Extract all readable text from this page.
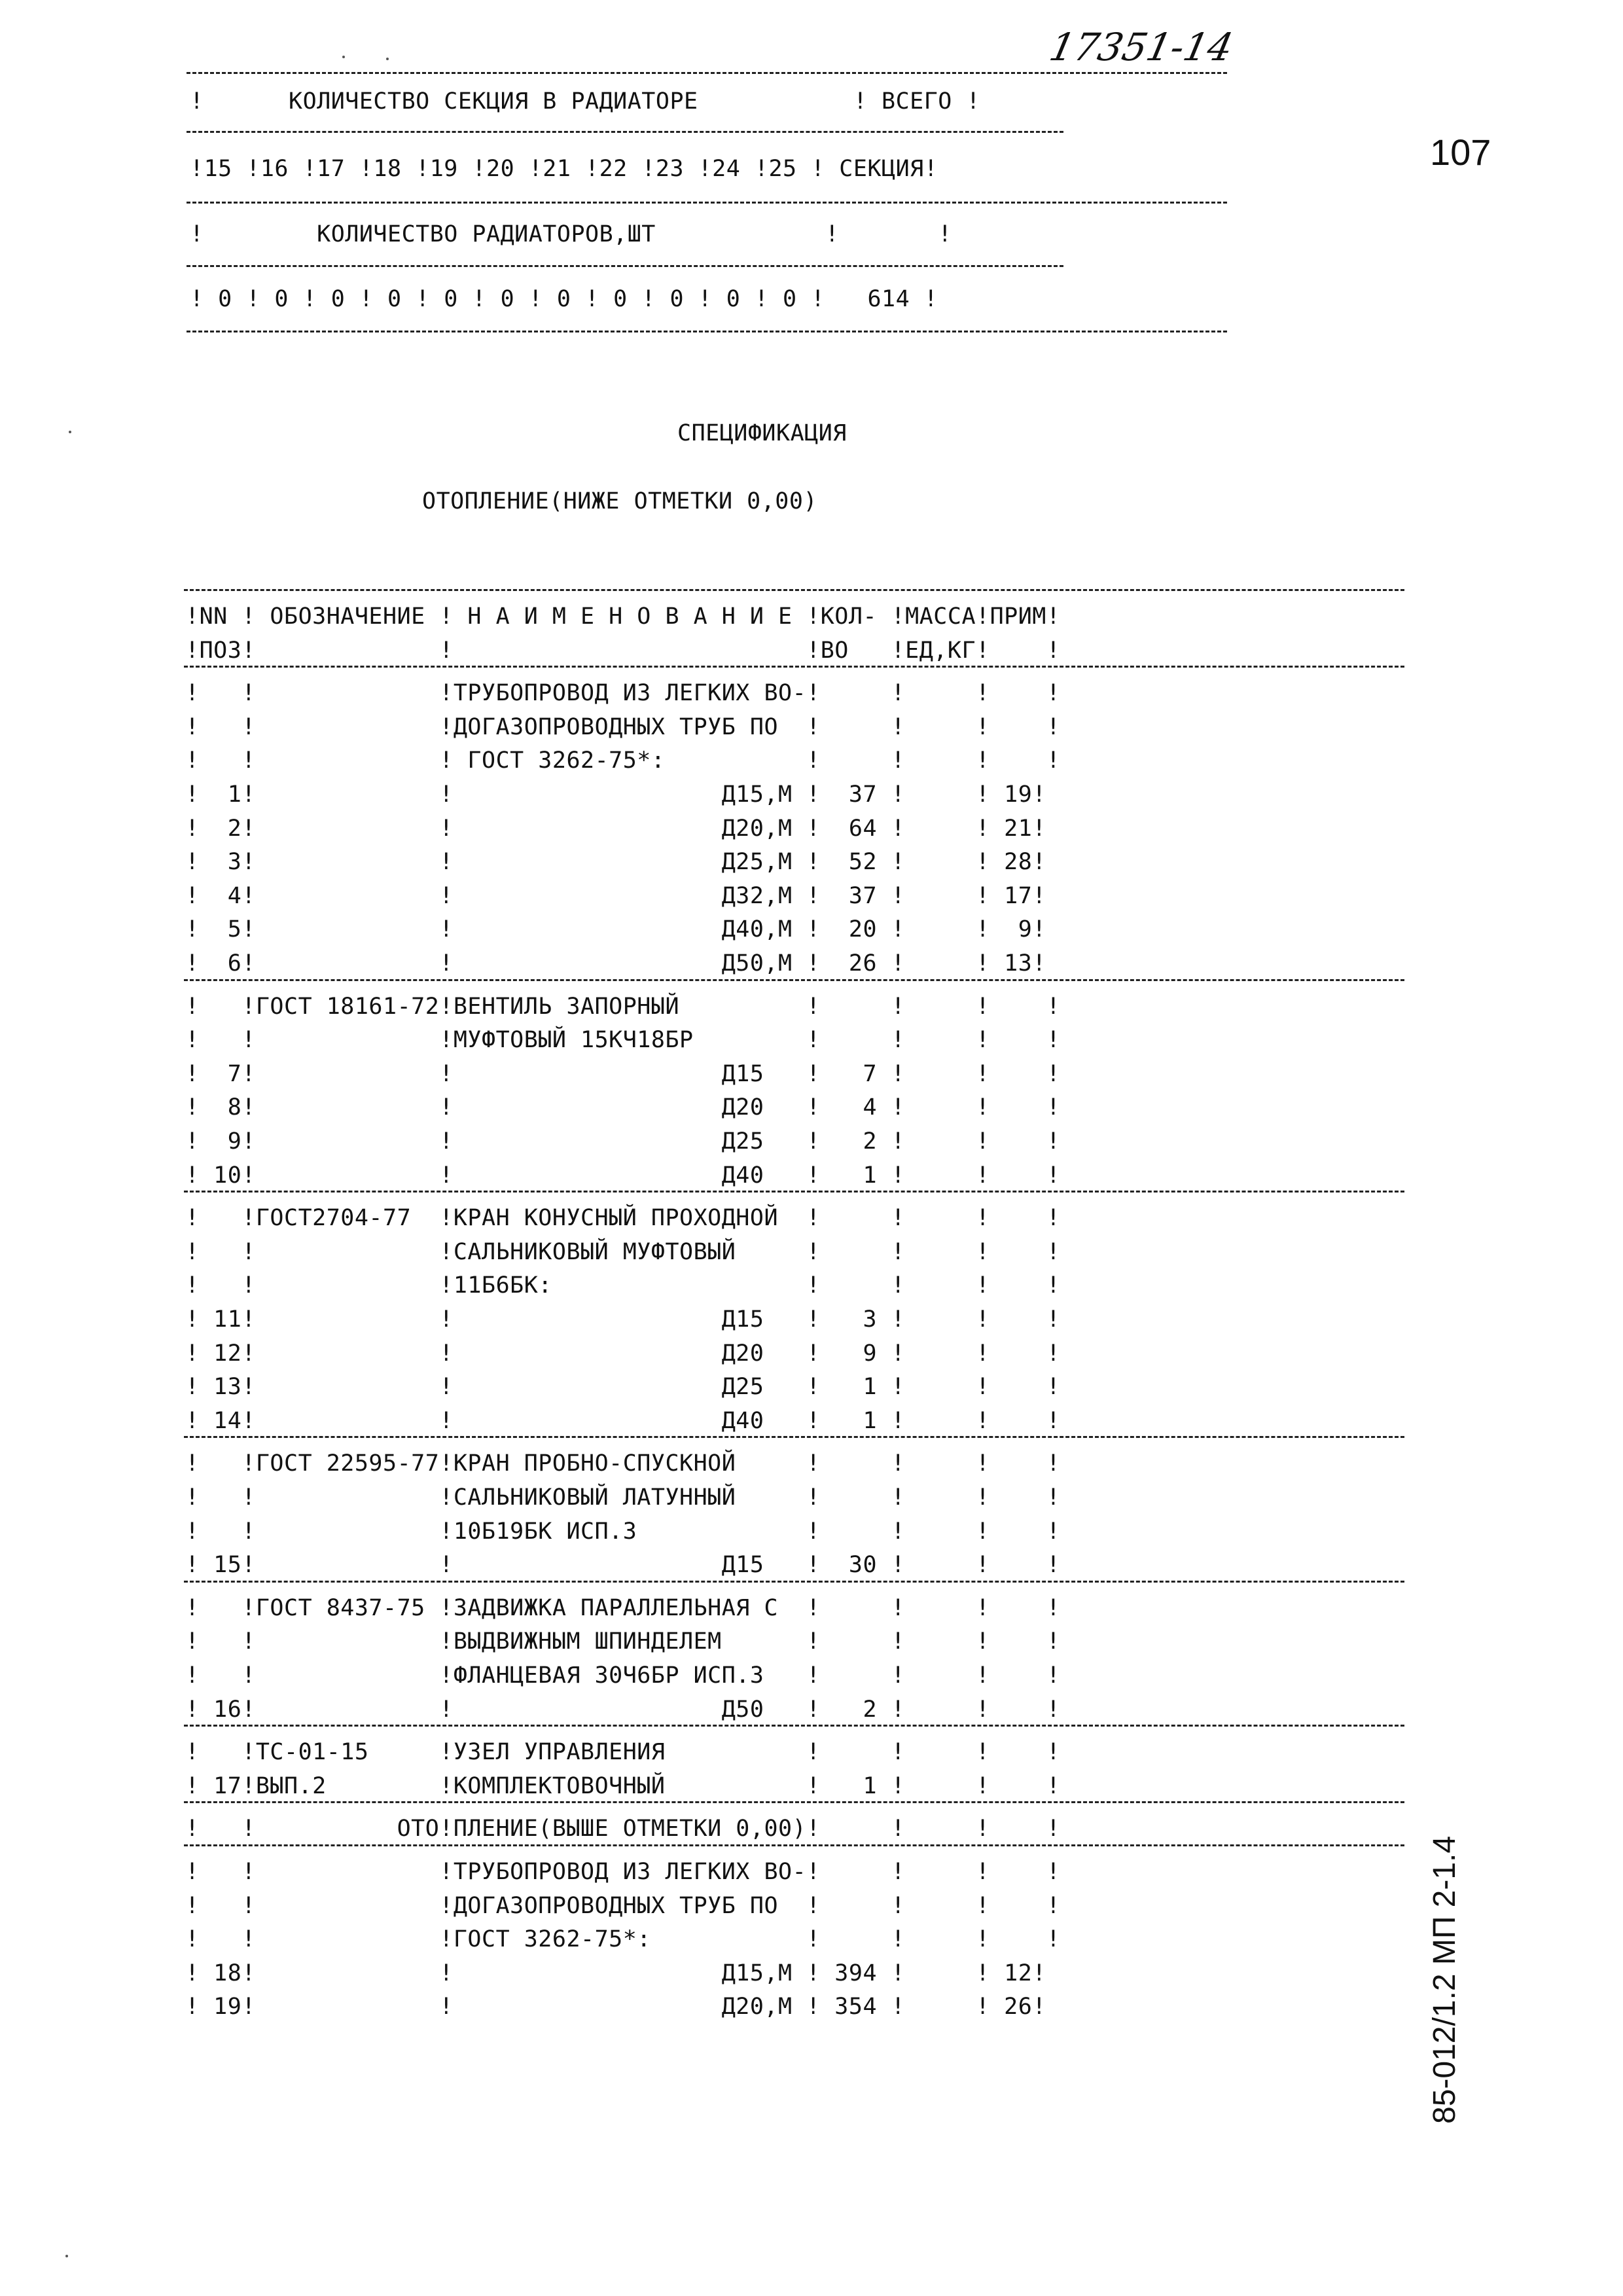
17351-14
107
85-012/1.2 МП 2-1.4
!      КОЛИЧЕСТВО СЕКЦИЯ В РАДИАТОРЕ           ! ВСЕГО !
!15 !16 !17 !18 !19 !20 !21 !22 !23 !24 !25 ! СЕКЦИЯ!
!        КОЛИЧЕСТВО РАДИАТОРОВ,ШТ            !       !
! 0 ! 0 ! 0 ! 0 ! 0 ! 0 ! 0 ! 0 ! 0 ! 0 ! 0 !   614 !
СПЕЦИФИКАЦИЯ
ОТОПЛЕНИЕ(НИЖЕ ОТМЕТКИ 0,00)
!NN ! ОБОЗНАЧЕНИЕ ! Н А И М Е Н О В А Н И Е !КОЛ- !МАССА!ПРИМ!
!ПОЗ!             !                         !ВО   !ЕД,КГ!    !
!   !             !ТРУБОПРОВОД ИЗ ЛЕГКИХ ВО-!     !     !    !
!   !             !ДОГАЗОПРОВОДНЫХ ТРУБ ПО  !     !     !    !
!   !             ! ГОСТ 3262-75*:          !     !     !    !
!  1!             !                   Д15,М !  37 !     ! 19!
!  2!             !                   Д20,М !  64 !     ! 21!
!  3!             !                   Д25,М !  52 !     ! 28!
!  4!             !                   Д32,М !  37 !     ! 17!
!  5!             !                   Д40,М !  20 !     !  9!
!  6!             !                   Д50,М !  26 !     ! 13!
!   !ГОСТ 18161-72!ВЕНТИЛЬ ЗАПОРНЫЙ         !     !     !    !
!   !             !МУФТОВЫЙ 15КЧ18БР        !     !     !    !
!  7!             !                   Д15   !   7 !     !    !
!  8!             !                   Д20   !   4 !     !    !
!  9!             !                   Д25   !   2 !     !    !
! 10!             !                   Д40   !   1 !     !    !
!   !ГОСТ2704-77  !КРАН КОНУСНЫЙ ПРОХОДНОЙ  !     !     !    !
!   !             !САЛЬНИКОВЫЙ МУФТОВЫЙ     !     !     !    !
!   !             !11Б6БК:                  !     !     !    !
! 11!             !                   Д15   !   3 !     !    !
! 12!             !                   Д20   !   9 !     !    !
! 13!             !                   Д25   !   1 !     !    !
! 14!             !                   Д40   !   1 !     !    !
!   !ГОСТ 22595-77!КРАН ПРОБНО-СПУСКНОЙ     !     !     !    !
!   !             !САЛЬНИКОВЫЙ ЛАТУННЫЙ     !     !     !    !
!   !             !10Б19БК ИСП.3            !     !     !    !
! 15!             !                   Д15   !  30 !     !    !
!   !ГОСТ 8437-75 !ЗАДВИЖКА ПАРАЛЛЕЛЬНАЯ С  !     !     !    !
!   !             !ВЫДВИЖНЫМ ШПИНДЕЛЕМ      !     !     !    !
!   !             !ФЛАНЦЕВАЯ 30Ч6БР ИСП.3   !     !     !    !
! 16!             !                   Д50   !   2 !     !    !
!   !ТС-01-15     !УЗЕЛ УПРАВЛЕНИЯ          !     !     !    !
! 17!ВЫП.2        !КОМПЛЕКТОВОЧНЫЙ          !   1 !     !    !
!   !          ОТО!ПЛЕНИЕ(ВЫШЕ ОТМЕТКИ 0,00)!     !     !    !
!   !             !ТРУБОПРОВОД ИЗ ЛЕГКИХ ВО-!     !     !    !
!   !             !ДОГАЗОПРОВОДНЫХ ТРУБ ПО  !     !     !    !
!   !             !ГОСТ 3262-75*:           !     !     !    !
! 18!             !                   Д15,М ! 394 !     ! 12!
! 19!             !                   Д20,М ! 354 !     ! 26!
